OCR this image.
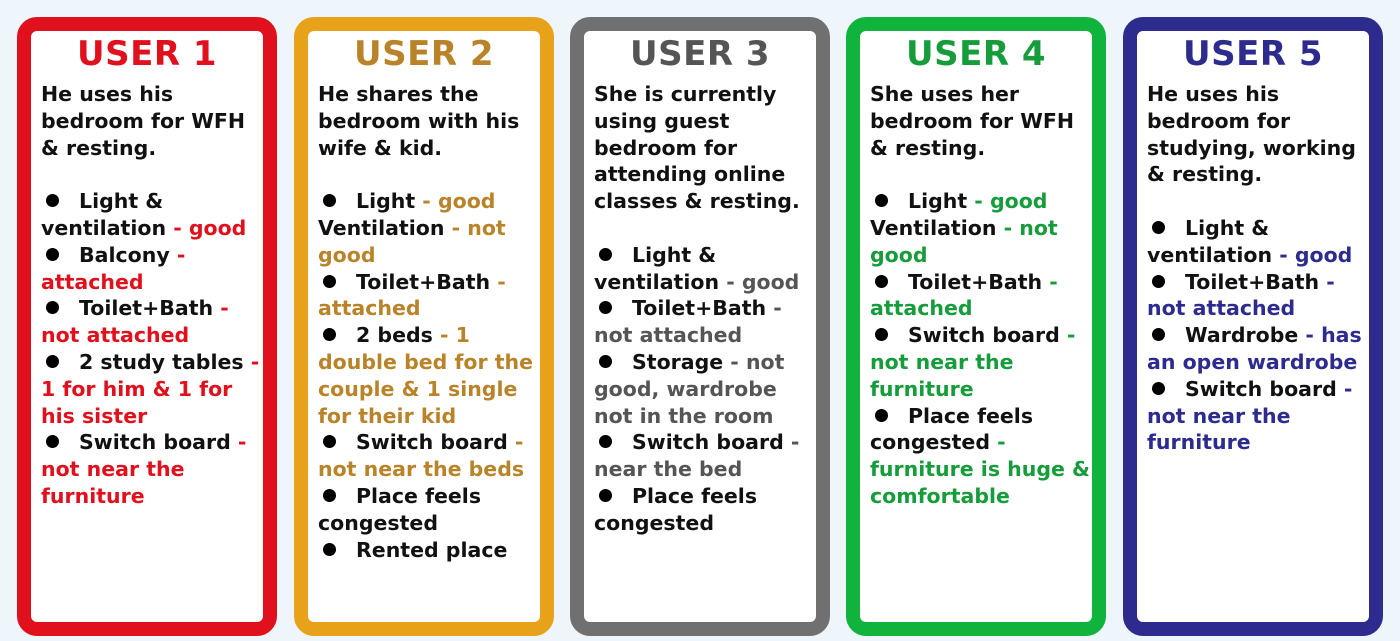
USER 1
He uses his bedroom for WFH & resting.
Light & ventilation - good
Balcony - attached
Toilet+Bath - not attached
2 study tables - 1 for him & 1 for his sister
Switch board - not near the furniture
USER 2
He shares the bedroom with his wife & kid.
Light - good
Ventilation - not good
Toilet+Bath - attached
2 beds - 1 double bed for the couple & 1 single for their kid
Switch board - not near the beds
Place feels congested
Rented place
USER 3
She is currently using guest bedroom for attending online classes & resting.
Light & ventilation - good
Toilet+Bath - not attached
Storage - not good, wardrobe not in the room
Switch board - near the bed
Place feels congested
USER 4
She uses her bedroom for WFH & resting.
Light - good
Ventilation - not good
Toilet+Bath - attached
Switch board - not near the furniture
Place feels congested - furniture is huge & comfortable
USER 5
He uses his bedroom for studying, working & resting.
Light & ventilation - good
Toilet+Bath - not attached
Wardrobe - has an open wardrobe
Switch board - not near the furniture
